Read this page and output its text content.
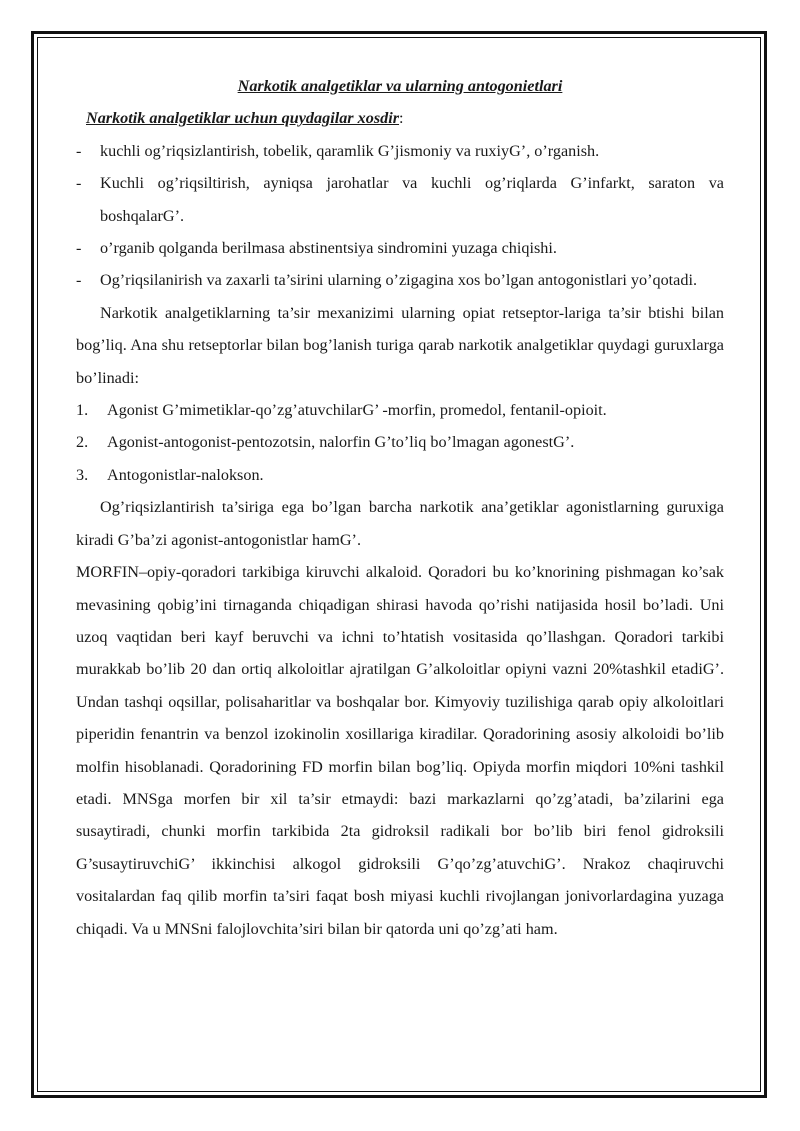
Narkotik analgetiklar va ularning antogonietlari

Narkotik analgetiklar uchun quydagilar xosdir:

-	kuchli og’riqsizlantirish, tobelik, qaramlik G’jismoniy va ruxiyG’, o’rganish.
-	Kuchli og’riqsiltirish, ayniqsa jarohatlar va kuchli og’riqlarda G’infarkt, saraton va boshqalarG’.
-	o’rganib qolganda berilmasa abstinentsiya sindromini yuzaga chiqishi.
-	Og’riqsilanirish va zaxarli ta’sirini ularning o’zigagina xos bo’lgan antogonistlari yo’qotadi.

Narkotik analgetiklarning ta’sir mexanizimi ularning opiat retseptor-lariga ta’sir btishi bilan bog’liq. Ana shu retseptorlar bilan bog’lanish turiga qarab narkotik analgetiklar quydagi guruxlarga bo’linadi:

1.	Agonist G’mimetiklar-qo’zg’atuvchilarG’ -morfin, promedol, fentanil-opioit.
2.	Agonist-antogonist-pentozotsin, nalorfin G’to’liq bo’lmagan agonestG’.
3.	Antogonistlar-nalokson.

Og’riqsizlantirish ta’siriga ega bo’lgan barcha narkotik ana’getiklar agonistlarning guruxiga kiradi G’ba’zi agonist-antogonistlar hamG’.

MORFIN–opiy-qoradori tarkibiga kiruvchi alkaloid. Qoradori bu ko’knorining pishmagan ko’sak mevasining qobig’ini tirnaganda chiqadigan shirasi havoda qo’rishi natijasida hosil bo’ladi. Uni uzoq vaqtidan beri kayf beruvchi va ichni to’htatish vositasida qo’llashgan. Qoradori tarkibi murakkab bo’lib 20 dan ortiq alkoloitlar ajratilgan G’alkoloitlar opiyni vazni 20%tashkil etadiG’. Undan tashqi oqsillar, polisaharitlar va boshqalar bor. Kimyoviy tuzilishiga qarab opiy alkoloitlari piperidin fenantrin va benzol izokinolin xosillariga kiradilar. Qoradorining asosiy alkoloidi bo’lib molfin hisoblanadi. Qoradorining FD morfin bilan bog’liq. Opiyda morfin miqdori 10%ni tashkil etadi. MNSga morfen bir xil ta’sir etmaydi: bazi markazlarni qo’zg’atadi, ba’zilarini ega susaytiradi, chunki morfin tarkibida 2ta gidroksil radikali bor bo’lib biri fenol gidroksili G’susaytiruvchiG’ ikkinchisi alkogol gidroksili G’qo’zg’atuvchiG’. Nrakoz chaqiruvchi vositalardan faq qilib morfin ta’siri faqat bosh miyasi kuchli rivojlangan jonivorlardagina yuzaga chiqadi. Va u MNSni falojlovchita’siri bilan bir qatorda uni qo’zg’ati ham.
